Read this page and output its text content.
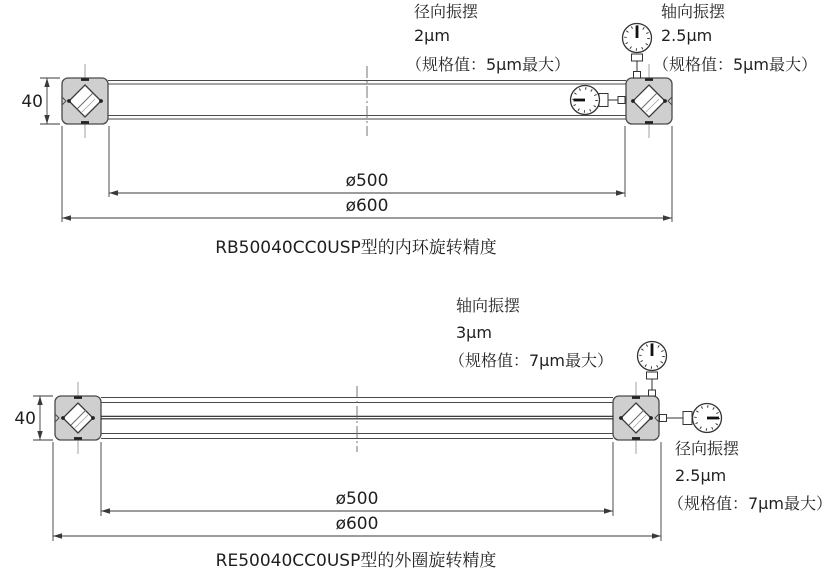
40
ø500
ø600
径向振摆
2µm
（规格值：5µm最大）
轴向振摆
2.5µm
（规格值：5µm最大）
RB50040CC0USP型的内环旋转精度
40
ø500
ø600
轴向振摆
3µm
（规格值：7µm最大）
径向振摆
2.5µm
（规格值：7µm最大）
RE50040CC0USP型的外圈旋转精度
